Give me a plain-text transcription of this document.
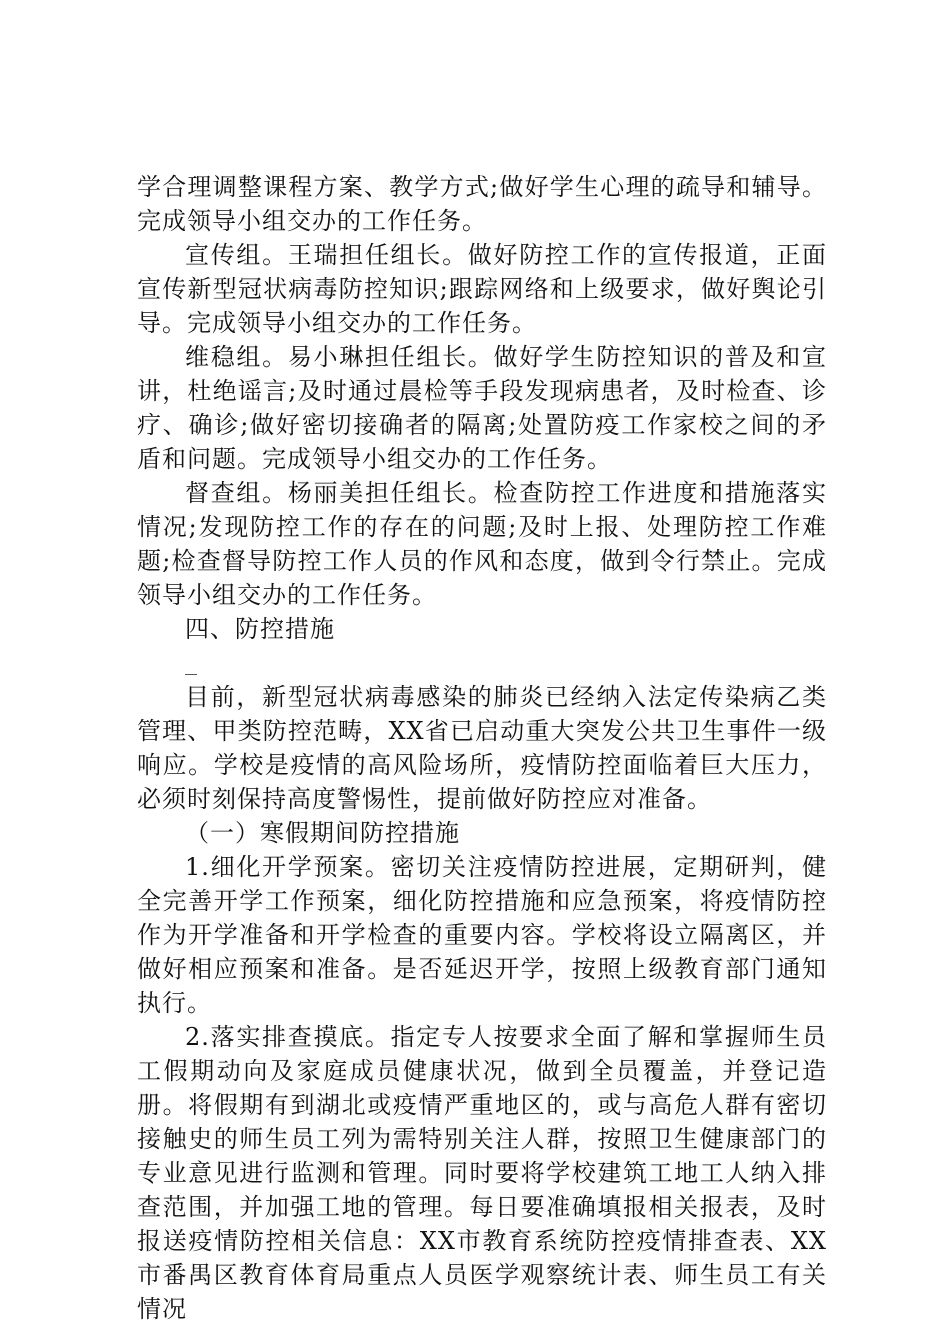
学合理调整课程方案、教学方式;做好学生心理的疏导和辅导。完成领导小组交办的工作任务。

宣传组。王瑞担任组长。做好防控工作的宣传报道，正面宣传新型冠状病毒防控知识;跟踪网络和上级要求，做好舆论引导。完成领导小组交办的工作任务。

维稳组。易小琳担任组长。做好学生防控知识的普及和宣讲，杜绝谣言;及时通过晨检等手段发现病患者，及时检查、诊疗、确诊;做好密切接确者的隔离;处置防疫工作家校之间的矛盾和问题。完成领导小组交办的工作任务。

督查组。杨丽美担任组长。检查防控工作进度和措施落实情况;发现防控工作的存在的问题;及时上报、处理防控工作难题;检查督导防控工作人员的作风和态度，做到令行禁止。完成领导小组交办的工作任务。

四、防控措施

目前，新型冠状病毒感染的肺炎已经纳入法定传染病乙类管理、甲类防控范畴，XX省已启动重大突发公共卫生事件一级响应。学校是疫情的高风险场所，疫情防控面临着巨大压力，必须时刻保持高度警惕性，提前做好防控应对准备。

（一）寒假期间防控措施

1.细化开学预案。密切关注疫情防控进展，定期研判，健全完善开学工作预案，细化防控措施和应急预案，将疫情防控作为开学准备和开学检查的重要内容。学校将设立隔离区，并做好相应预案和准备。是否延迟开学，按照上级教育部门通知执行。

2.落实排查摸底。指定专人按要求全面了解和掌握师生员工假期动向及家庭成员健康状况，做到全员覆盖，并登记造册。将假期有到湖北或疫情严重地区的，或与高危人群有密切接触史的师生员工列为需特别关注人群，按照卫生健康部门的专业意见进行监测和管理。同时要将学校建筑工地工人纳入排查范围，并加强工地的管理。每日要准确填报相关报表，及时报送疫情防控相关信息：XX市教育系统防控疫情排查表、XX市番禺区教育体育局重点人员医学观察统计表、师生员工有关情况
